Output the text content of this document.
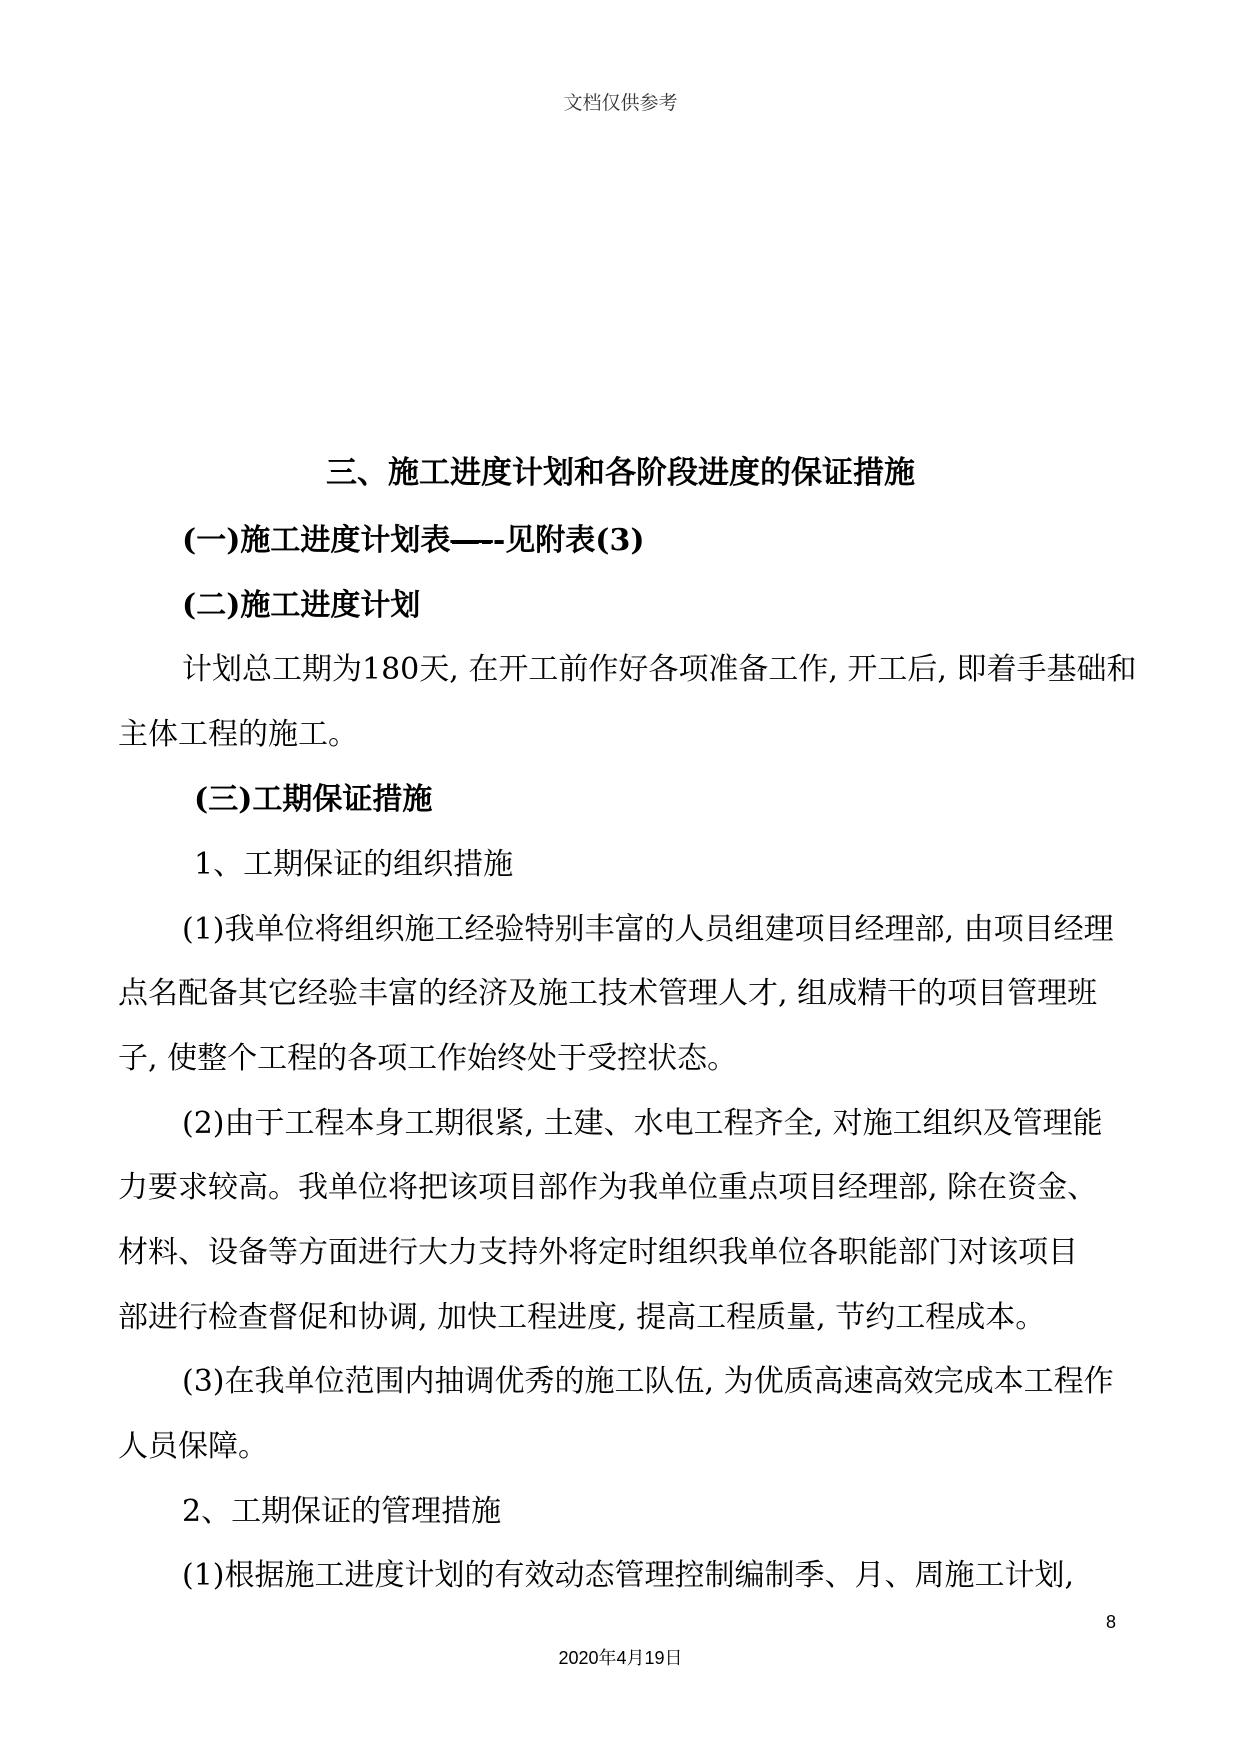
文档仅供参考
三、施工进度计划和各阶段进度的保证措施
(一)施工进度计划表—--见附表(3)
(二)施工进度计划
计划总工期为180天, 在开工前作好各项准备工作, 开工后, 即着手基础和
主体工程的施工。
(三)工期保证措施
1、工期保证的组织措施
(1)我单位将组织施工经验特别丰富的人员组建项目经理部, 由项目经理
点名配备其它经验丰富的经济及施工技术管理人才, 组成精干的项目管理班
子, 使整个工程的各项工作始终处于受控状态。
(2)由于工程本身工期很紧, 土建、水电工程齐全, 对施工组织及管理能
力要求较高。我单位将把该项目部作为我单位重点项目经理部, 除在资金、
材料、设备等方面进行大力支持外将定时组织我单位各职能部门对该项目
部进行检查督促和协调, 加快工程进度, 提高工程质量, 节约工程成本。
(3)在我单位范围内抽调优秀的施工队伍, 为优质高速高效完成本工程作
人员保障。
2、工期保证的管理措施
(1)根据施工进度计划的有效动态管理控制编制季、月、周施工计划,
8
2020年4月19日
